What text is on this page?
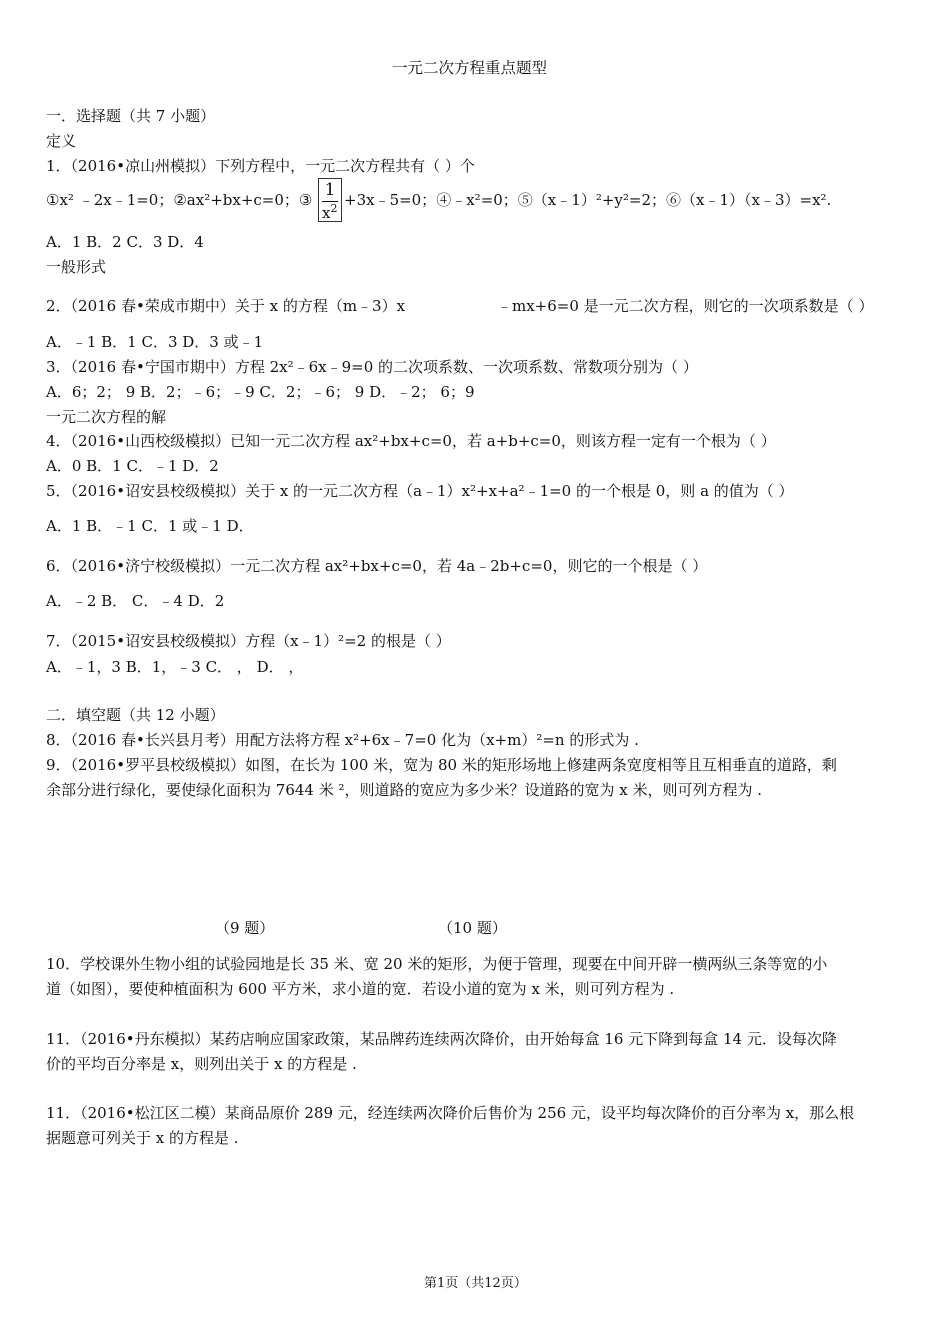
一元二次方程重点题型
一．选择题（共 7 小题）
定义
1．（2016•凉山州模拟）下列方程中，一元二次方程共有（ ）个
①x² ﹣2x﹣1=0；②ax²+bx+c=0；③ 1
$x^2$ +3x﹣5=0；④﹣x²=0；⑤（x﹣1）²+y²=2；⑥（x﹣1）（x﹣3）=x².
A．1 B．2 C．3 D．4
一般形式
2．（2016 春•荣成市期中）关于 x 的方程（m﹣3）x	﹣mx+6=0 是一元二次方程，则它的一次项系数是（ ）
A．﹣1 B．1 C．3 D．3 或﹣1
3．（2016 春•宁国市期中）方程 2x²﹣6x﹣9=0 的二次项系数、一次项系数、常数项分别为（ ）
A．6；2； 9 B．2；﹣6；﹣9 C．2；﹣6； 9 D．﹣2； 6；9
一元二次方程的解
4．（2016•山西校级模拟）已知一元二次方程 ax²+bx+c=0，若 a+b+c=0，则该方程一定有一个根为（ ）
A．0 B．1 C．﹣1 D．2
5．（2016•诏安县校级模拟）关于 x 的一元二次方程（a﹣1）x²+x+a²﹣1=0 的一个根是 0，则 a 的值为（ ）
A．1 B．﹣1 C．1 或﹣1 D．
6．（2016•济宁校级模拟）一元二次方程 ax²+bx+c=0，若 4a﹣2b+c=0，则它的一个根是（ ）
A．﹣2 B． C．﹣4 D．2
7．（2015•诏安县校级模拟）方程（x﹣1）²=2 的根是（ ）
A．﹣1，3 B．1，﹣3 C． ， D． ，
二．填空题（共 12 小题）
8．（2016 春•长兴县月考）用配方法将方程 x²+6x﹣7=0 化为（x+m）²=n 的形式为 .
9．（2016•罗平县校级模拟）如图，在长为 100 米，宽为 80 米的矩形场地上修建两条宽度相等且互相垂直的道路，剩
余部分进行绿化，要使绿化面积为 7644 米 ²，则道路的宽应为多少米？设道路的宽为 x 米，则可列方程为 .
（9 题）	（10 题）
10．学校课外生物小组的试验园地是长 35 米、宽 20 米的矩形，为便于管理，现要在中间开辟一横两纵三条等宽的小
道（如图），要使种植面积为 600 平方米，求小道的宽．若设小道的宽为 x 米，则可列方程为 .
11．（2016•丹东模拟）某药店响应国家政策，某品牌药连续两次降价，由开始每盒 16 元下降到每盒 14 元．设每次降
价的平均百分率是 x，则列出关于 x 的方程是 .
11．（2016•松江区二模）某商品原价 289 元，经连续两次降价后售价为 256 元，设平均每次降价的百分率为 x，那么根
据题意可列关于 x 的方程是 .
第1页（共12页）
